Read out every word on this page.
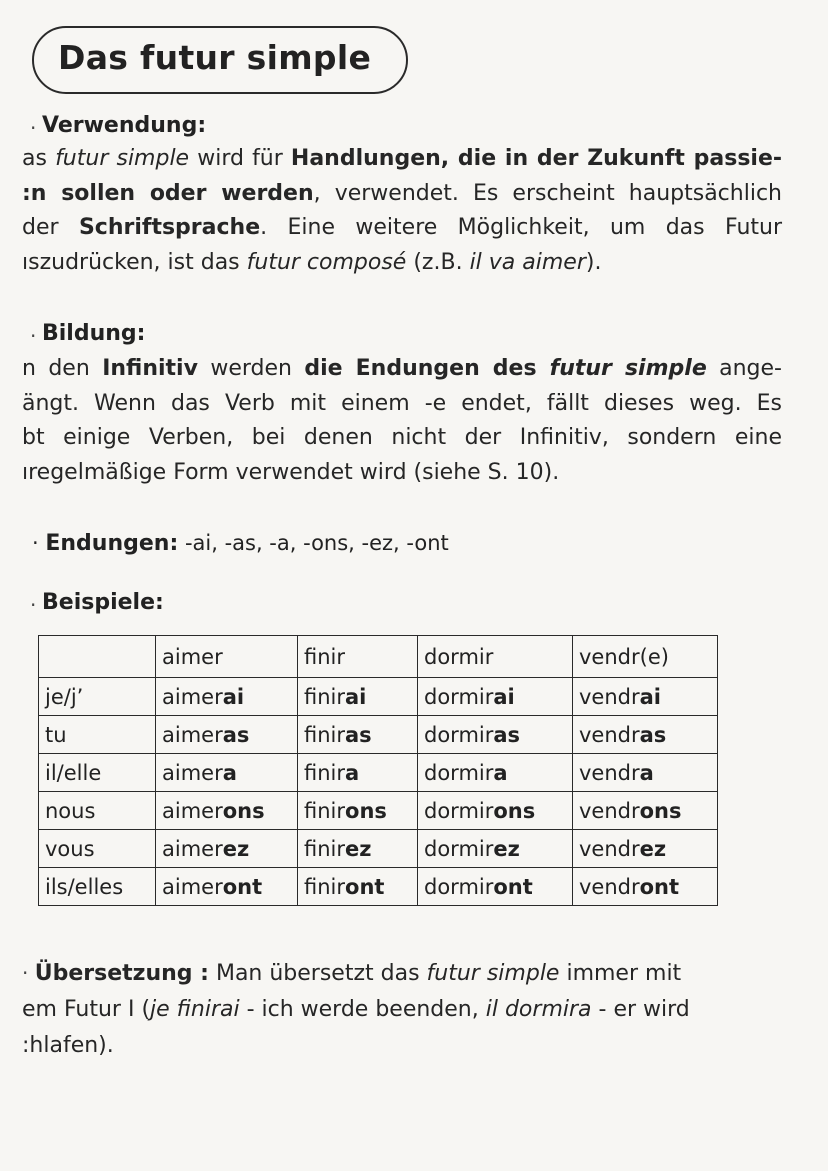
Das futur simple
· Verwendung:
as futur simple wird für Handlungen, die in der Zukunft passie-
:n sollen oder werden, verwendet. Es erscheint hauptsächlich
der Schriftsprache. Eine weitere Möglichkeit, um das Futur
ıszudrücken, ist das futur composé (z.B. il va aimer).
· Bildung:
n den Infinitiv werden die Endungen des futur simple ange-
ängt. Wenn das Verb mit einem -e endet, fällt dieses weg. Es
bt einige Verben, bei denen nicht der Infinitiv, sondern eine
ıregelmäßige Form verwendet wird (siehe S. 10).
· Endungen: -ai, -as, -a, -ons, -ez, -ont
· Beispiele:
	aimer	finir	dormir	vendr(e)
je/j’	aimerai	finirai	dormirai	vendrai
tu	aimeras	finiras	dormiras	vendras
il/elle	aimera	finira	dormira	vendra
nous	aimerons	finirons	dormirons	vendrons
vous	aimerez	finirez	dormirez	vendrez
ils/elles	aimeront	finiront	dormiront	vendront
· Übersetzung : Man übersetzt das futur simple immer mit
em Futur I (je finirai - ich werde beenden, il dormira - er wird
:hlafen).
